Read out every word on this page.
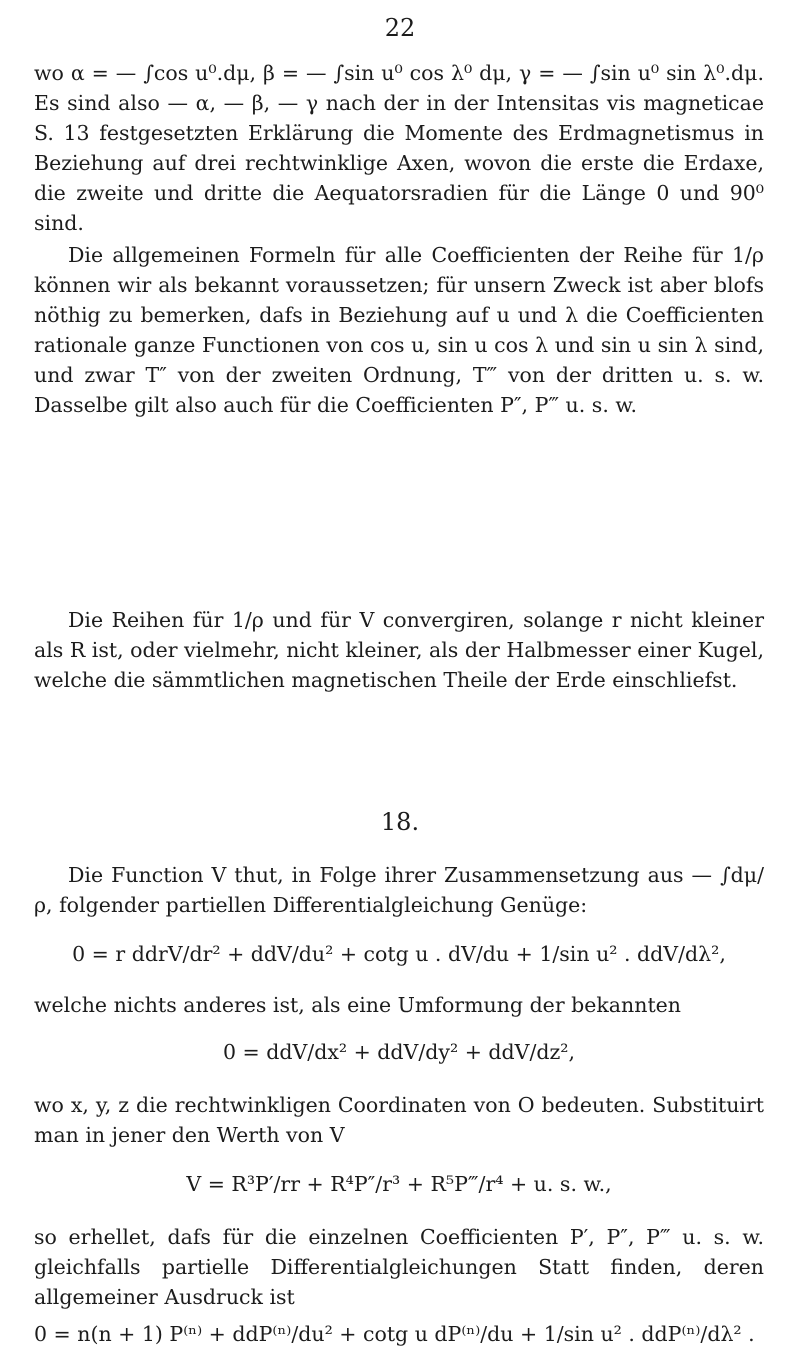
22

wo α = — ∫cos u⁰.dμ, β = — ∫sin u⁰ cos λ⁰ dμ, γ = — ∫sin u⁰ sin λ⁰.dμ. Es sind also — α, — β, — γ nach der in der Intensitas vis magneticae S. 13 festgesetzten Erklärung die Momente des Erdmagnetismus in Beziehung auf drei rechtwinklige Axen, wovon die erste die Erdaxe, die zweite und dritte die Aequatorsradien für die Länge 0 und 90⁰ sind.

Die allgemeinen Formeln für alle Coefficienten der Reihe für 1/ρ können wir als bekannt voraussetzen; für unsern Zweck ist aber blofs nöthig zu bemerken, dafs in Beziehung auf u und λ die Coefficienten rationale ganze Functionen von cos u, sin u cos λ und sin u sin λ sind, und zwar T″ von der zweiten Ordnung, T‴ von der dritten u. s. w. Dasselbe gilt also auch für die Coefficienten P″, P‴ u. s. w.

Die Reihen für 1/ρ und für V convergiren, solange r nicht kleiner als R ist, oder vielmehr, nicht kleiner, als der Halbmesser einer Kugel, welche die sämmtlichen magnetischen Theile der Erde einschliefst.

18.

Die Function V thut, in Folge ihrer Zusammensetzung aus — ∫dμ/ρ, folgender partiellen Differentialgleichung Genüge:

0 = r ddrV/dr² + ddV/du² + cotg u . dV/du + 1/sin u² . ddV/dλ²,

welche nichts anderes ist, als eine Umformung der bekannten

0 = ddV/dx² + ddV/dy² + ddV/dz²,

wo x, y, z die rechtwinkligen Coordinaten von O bedeuten. Substituirt man in jener den Werth von V

V = R³P′/rr + R⁴P″/r³ + R⁵P‴/r⁴ + u. s. w.,

so erhellet, dafs für die einzelnen Coefficienten P′, P″, P‴ u. s. w. gleichfalls partielle Differentialgleichungen Statt finden, deren allgemeiner Ausdruck ist

0 = n(n + 1) P⁽ⁿ⁾ + ddP⁽ⁿ⁾/du² + cotg u dP⁽ⁿ⁾/du + 1/sin u² . ddP⁽ⁿ⁾/dλ² .
